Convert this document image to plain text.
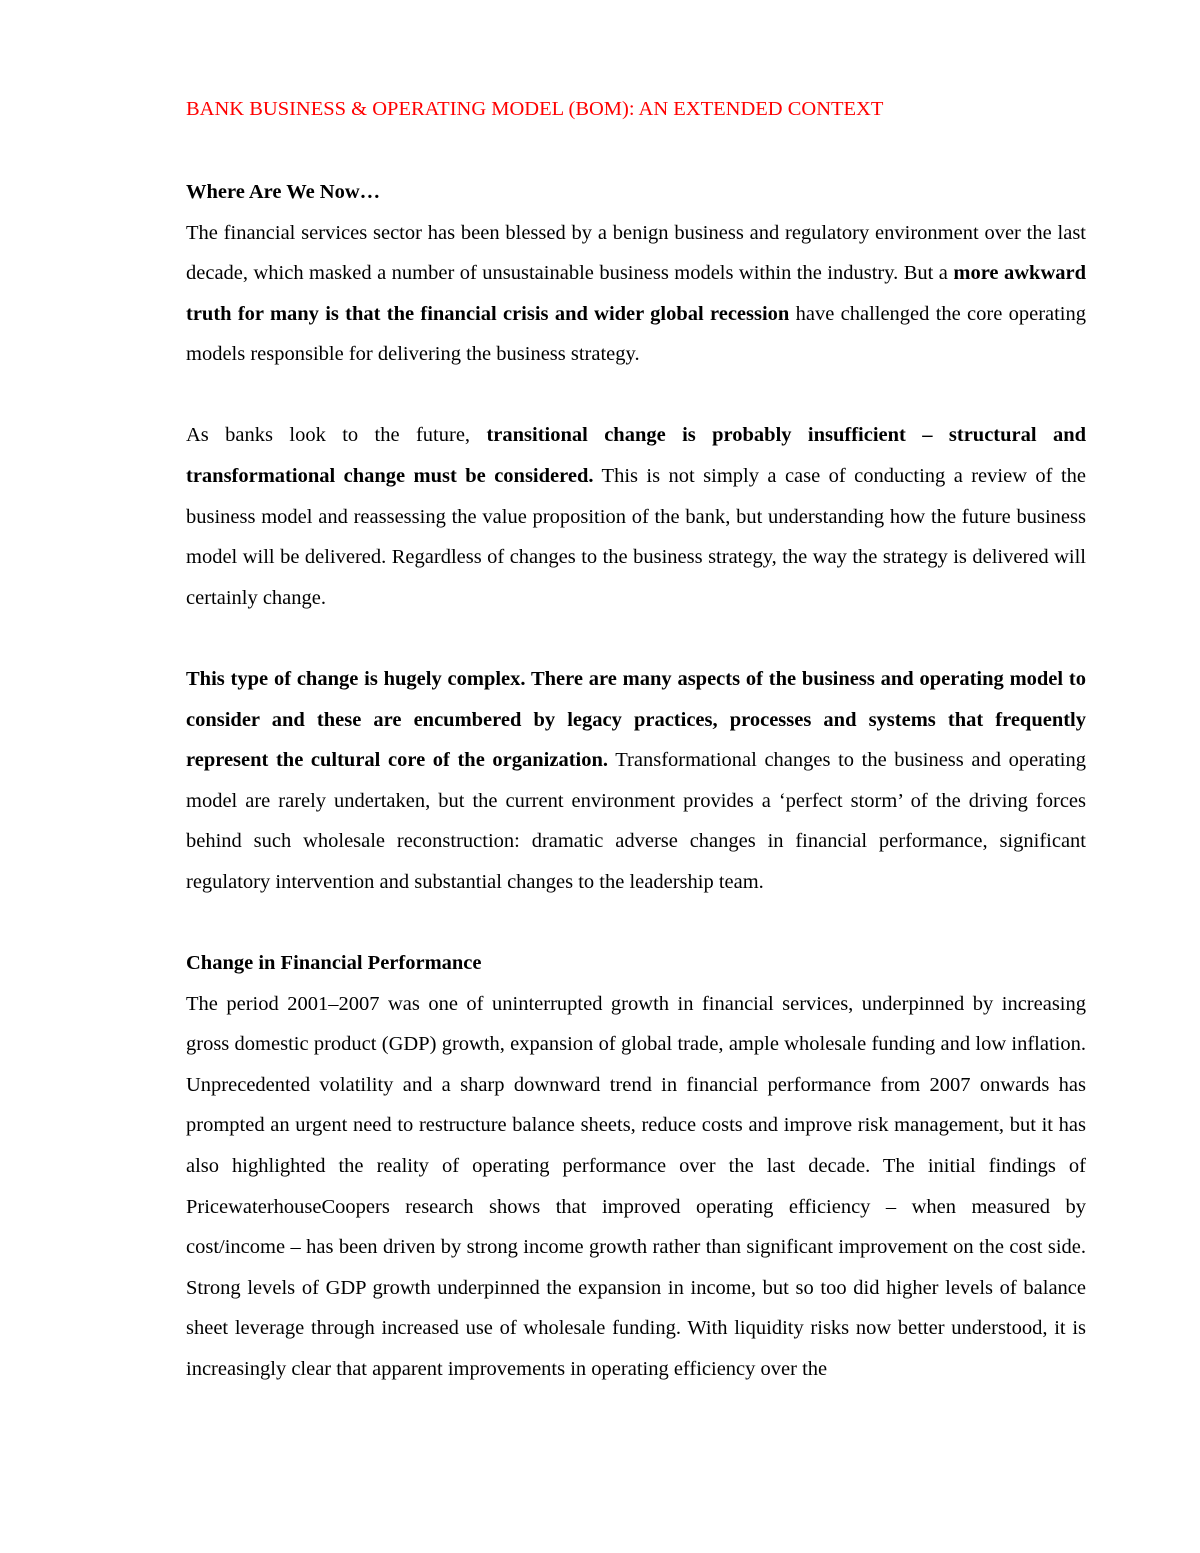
BANK BUSINESS & OPERATING MODEL (BOM): AN EXTENDED CONTEXT
Where Are We Now…

The financial services sector has been blessed by a benign business and regulatory environment over the last decade, which masked a number of unsustainable business models within the industry. But a more awkward truth for many is that the financial crisis and wider global recession have challenged the core operating models responsible for delivering the business strategy.

As banks look to the future, transitional change is probably insufficient – structural and transformational change must be considered. This is not simply a case of conducting a review of the business model and reassessing the value proposition of the bank, but understanding how the future business model will be delivered. Regardless of changes to the business strategy, the way the strategy is delivered will certainly change.

This type of change is hugely complex. There are many aspects of the business and operating model to consider and these are encumbered by legacy practices, processes and systems that frequently represent the cultural core of the organization. Transformational changes to the business and operating model are rarely undertaken, but the current environment provides a ‘perfect storm’ of the driving forces behind such wholesale reconstruction: dramatic adverse changes in financial performance, significant regulatory intervention and substantial changes to the leadership team.

Change in Financial Performance

The period 2001–2007 was one of uninterrupted growth in financial services, underpinned by increasing gross domestic product (GDP) growth, expansion of global trade, ample wholesale funding and low inflation. Unprecedented volatility and a sharp downward trend in financial performance from 2007 onwards has prompted an urgent need to restructure balance sheets, reduce costs and improve risk management, but it has also highlighted the reality of operating performance over the last decade. The initial findings of PricewaterhouseCoopers research shows that improved operating efficiency – when measured by cost/income – has been driven by strong income growth rather than significant improvement on the cost side. Strong levels of GDP growth underpinned the expansion in income, but so too did higher levels of balance sheet leverage through increased use of wholesale funding. With liquidity risks now better understood, it is increasingly clear that apparent improvements in operating efficiency over the
